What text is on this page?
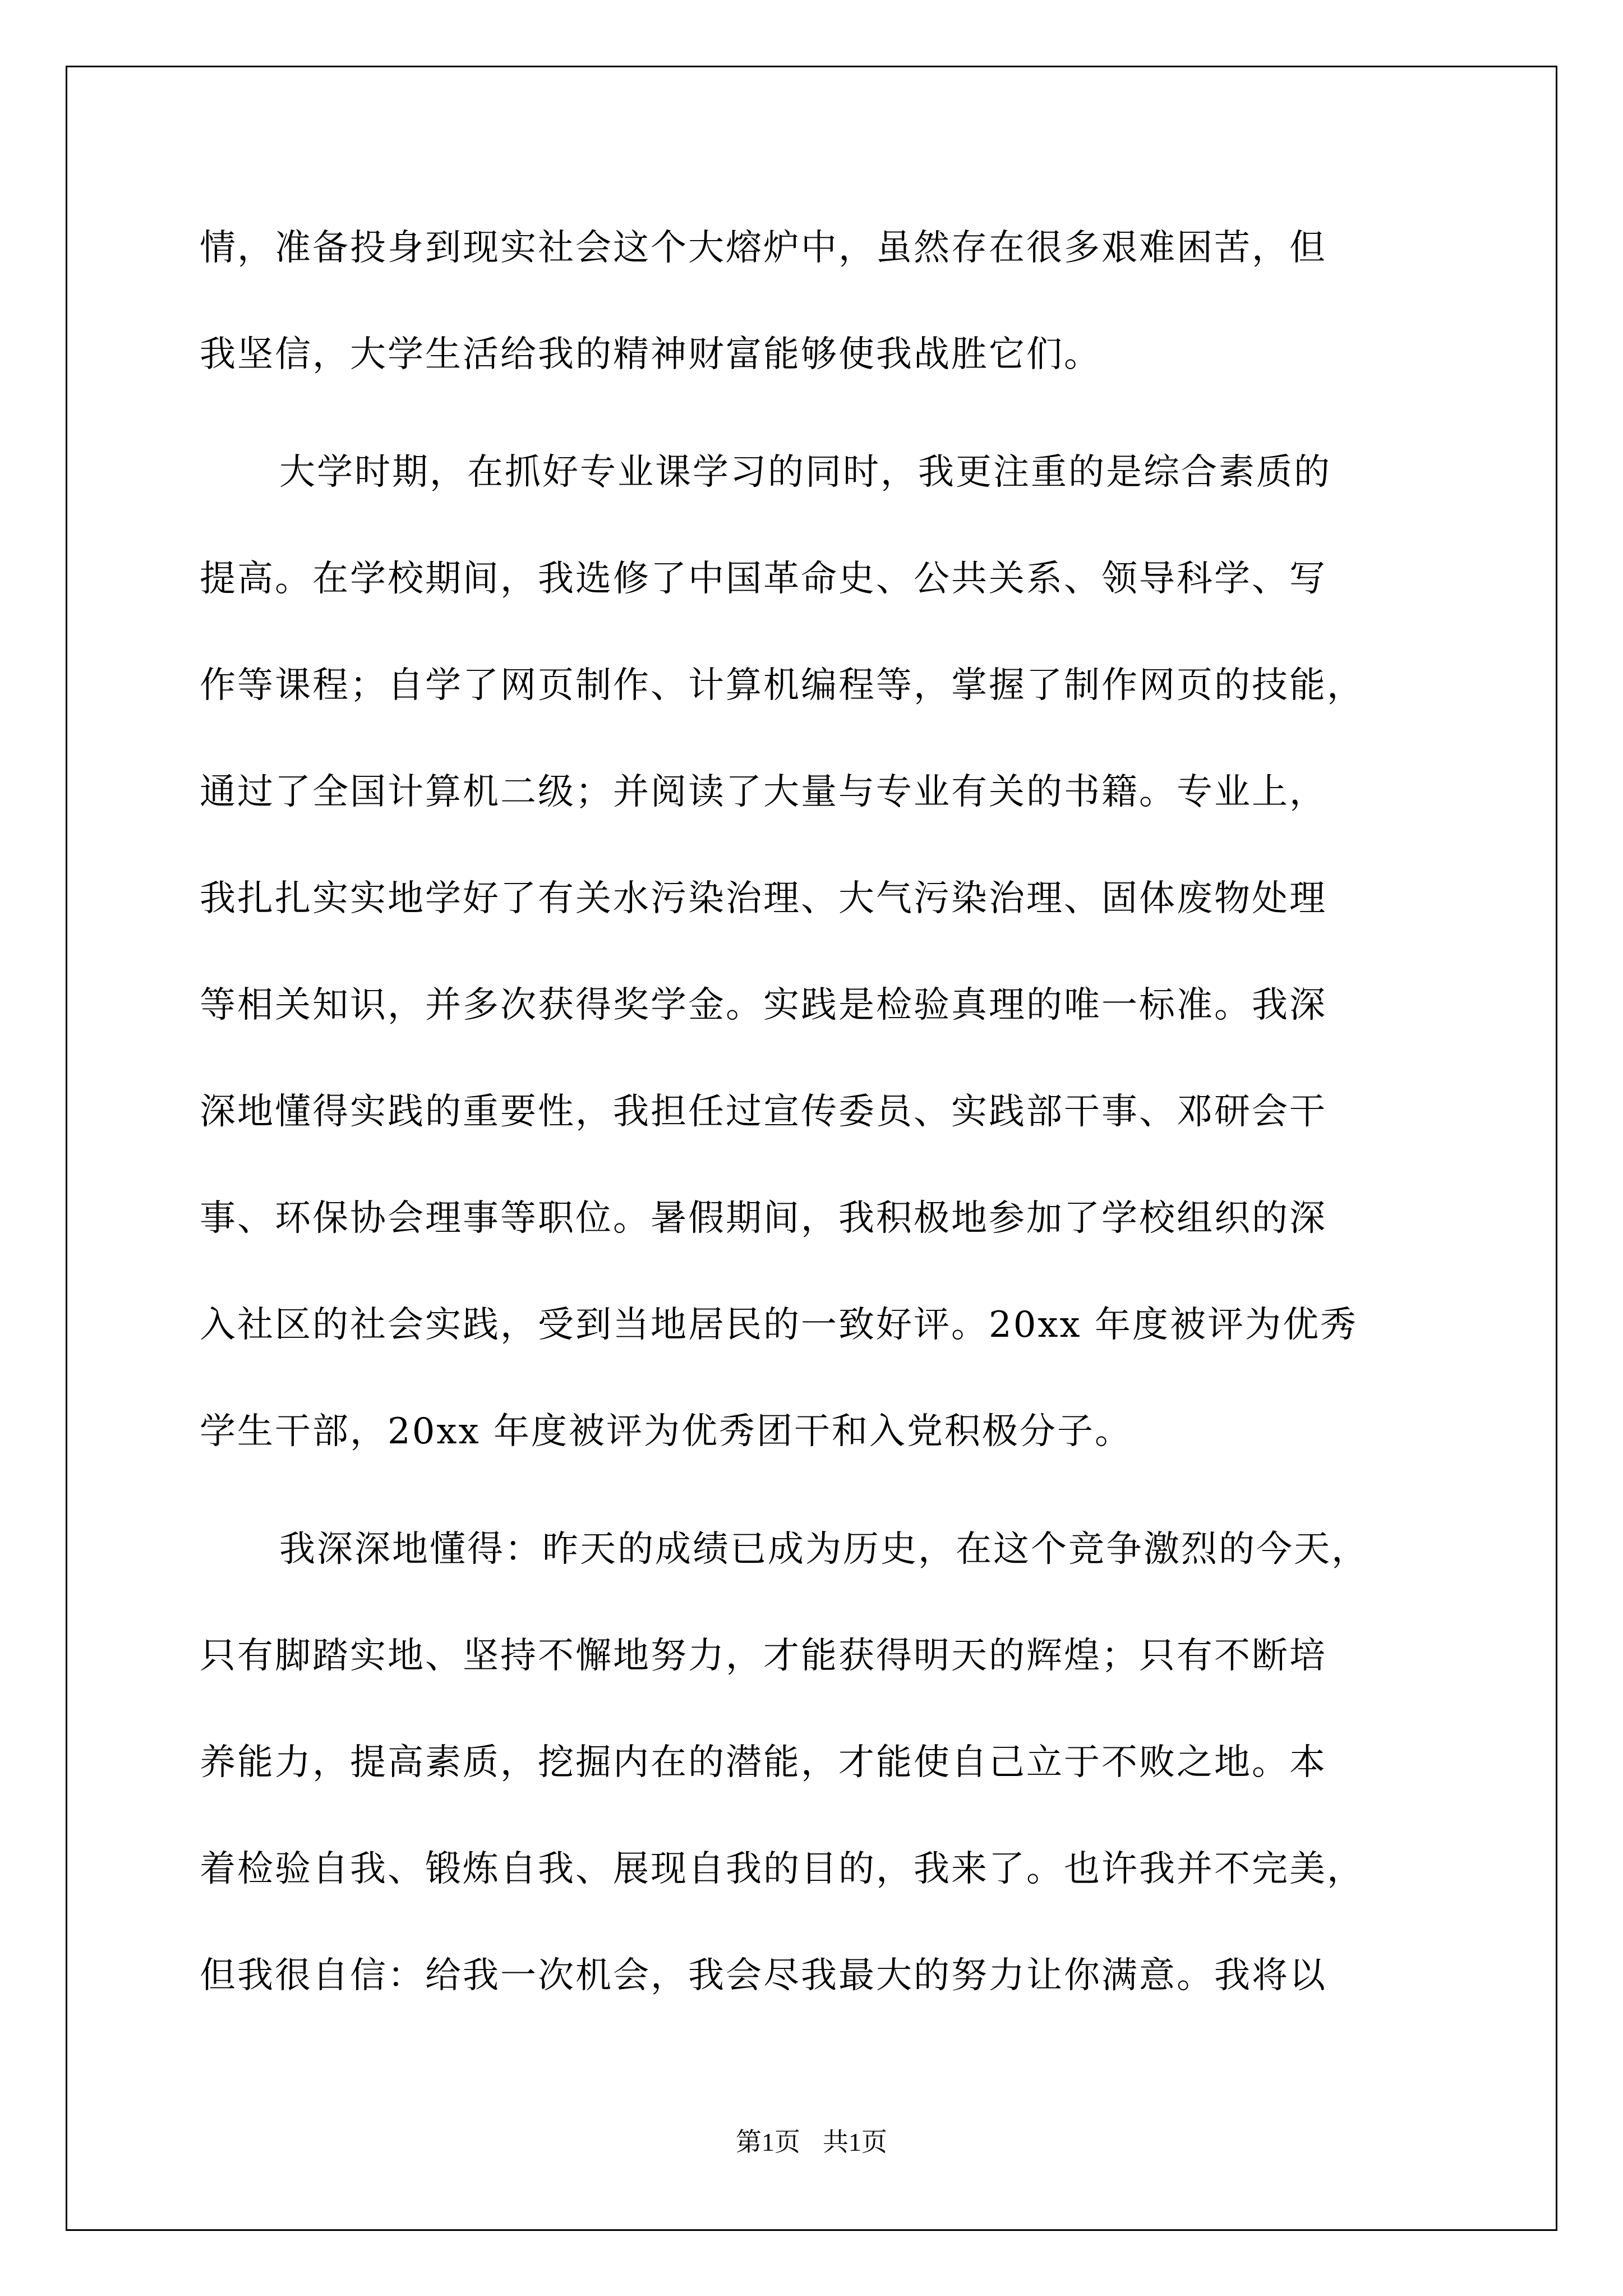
情，准备投身到现实社会这个大熔炉中，虽然存在很多艰难困苦，但
我坚信，大学生活给我的精神财富能够使我战胜它们。
大学时期，在抓好专业课学习的同时，我更注重的是综合素质的
提高。在学校期间，我选修了中国革命史、公共关系、领导科学、写
作等课程；自学了网页制作、计算机编程等，掌握了制作网页的技能，
通过了全国计算机二级；并阅读了大量与专业有关的书籍。专业上，
我扎扎实实地学好了有关水污染治理、大气污染治理、固体废物处理
等相关知识，并多次获得奖学金。实践是检验真理的唯一标准。我深
深地懂得实践的重要性，我担任过宣传委员、实践部干事、邓研会干
事、环保协会理事等职位。暑假期间，我积极地参加了学校组织的深
入社区的社会实践，受到当地居民的一致好评。20xx 年度被评为优秀
学生干部，20xx 年度被评为优秀团干和入党积极分子。
我深深地懂得：昨天的成绩已成为历史，在这个竞争激烈的今天，
只有脚踏实地、坚持不懈地努力，才能获得明天的辉煌；只有不断培
养能力，提高素质，挖掘内在的潜能，才能使自己立于不败之地。本
着检验自我、锻炼自我、展现自我的目的，我来了。也许我并不完美，
但我很自信：给我一次机会，我会尽我最大的努力让你满意。我将以
第1页 共1页
